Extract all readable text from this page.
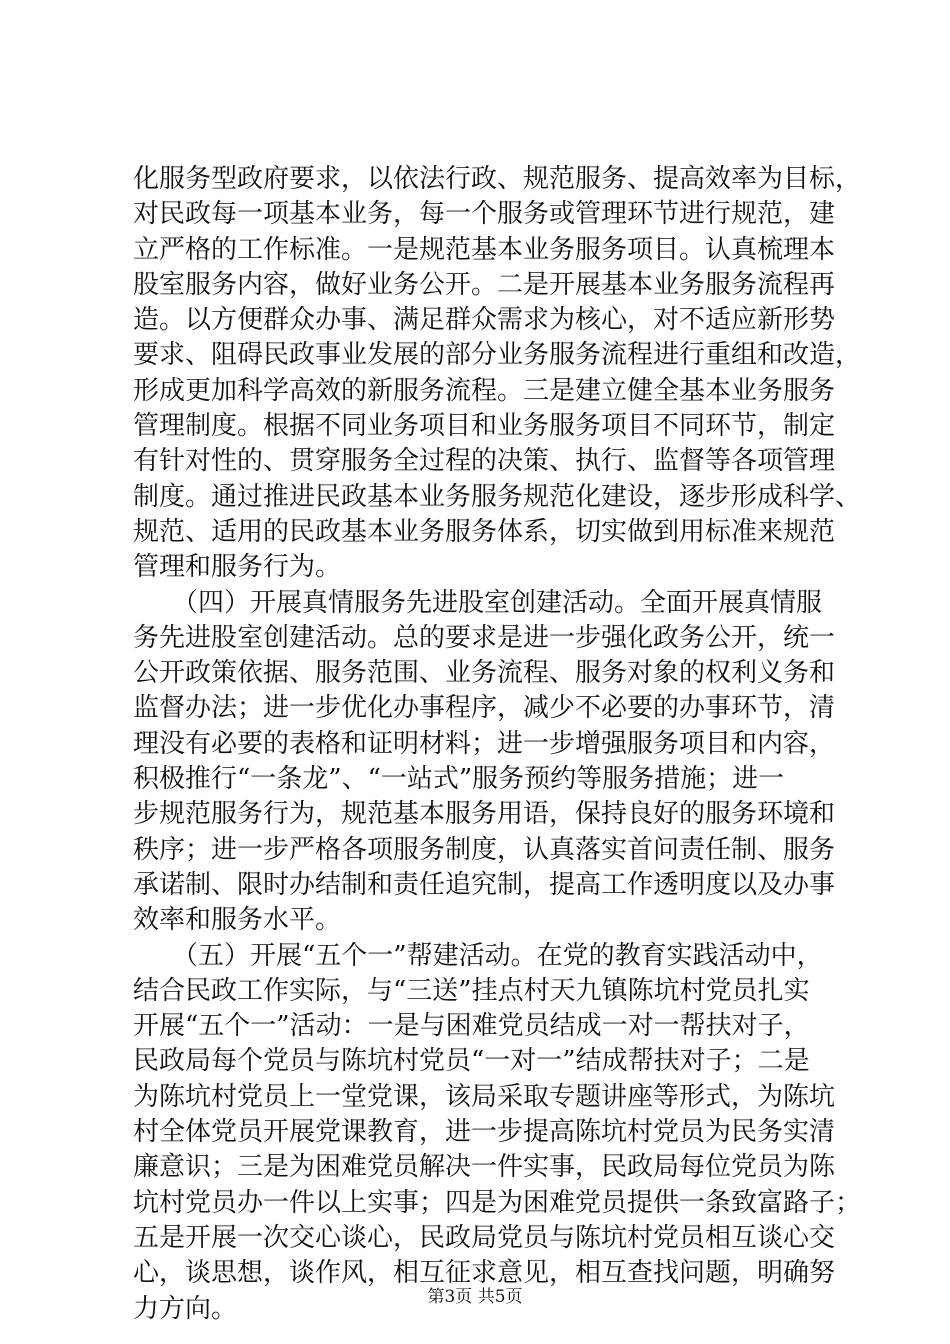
化服务型政府要求，以依法行政、规范服务、提高效率为目标，
对民政每一项基本业务，每一个服务或管理环节进行规范，建
立严格的工作标准。一是规范基本业务服务项目。认真梳理本
股室服务内容，做好业务公开。二是开展基本业务服务流程再
造。以方便群众办事、满足群众需求为核心，对不适应新形势
要求、阻碍民政事业发展的部分业务服务流程进行重组和改造，
形成更加科学高效的新服务流程。三是建立健全基本业务服务
管理制度。根据不同业务项目和业务服务项目不同环节，制定
有针对性的、贯穿服务全过程的决策、执行、监督等各项管理
制度。通过推进民政基本业务服务规范化建设，逐步形成科学、
规范、适用的民政基本业务服务体系，切实做到用标准来规范
管理和服务行为。
　　（四）开展真情服务先进股室创建活动。全面开展真情服
务先进股室创建活动。总的要求是进一步强化政务公开，统一
公开政策依据、服务范围、业务流程、服务对象的权利义务和
监督办法；进一步优化办事程序，减少不必要的办事环节，清
理没有必要的表格和证明材料；进一步增强服务项目和内容，
积极推行“一条龙”、“一站式”服务预约等服务措施；进一
步规范服务行为，规范基本服务用语，保持良好的服务环境和
秩序；进一步严格各项服务制度，认真落实首问责任制、服务
承诺制、限时办结制和责任追究制，提高工作透明度以及办事
效率和服务水平。
　　（五）开展“五个一”帮建活动。在党的教育实践活动中，
结合民政工作实际，与“三送”挂点村天九镇陈坑村党员扎实
开展“五个一”活动：一是与困难党员结成一对一帮扶对子，
民政局每个党员与陈坑村党员“一对一”结成帮扶对子；二是
为陈坑村党员上一堂党课，该局采取专题讲座等形式，为陈坑
村全体党员开展党课教育，进一步提高陈坑村党员为民务实清
廉意识；三是为困难党员解决一件实事，民政局每位党员为陈
坑村党员办一件以上实事；四是为困难党员提供一条致富路子；
五是开展一次交心谈心，民政局党员与陈坑村党员相互谈心交
心，谈思想，谈作风，相互征求意见，相互查找问题，明确努
力方向。	第3页 共5页
